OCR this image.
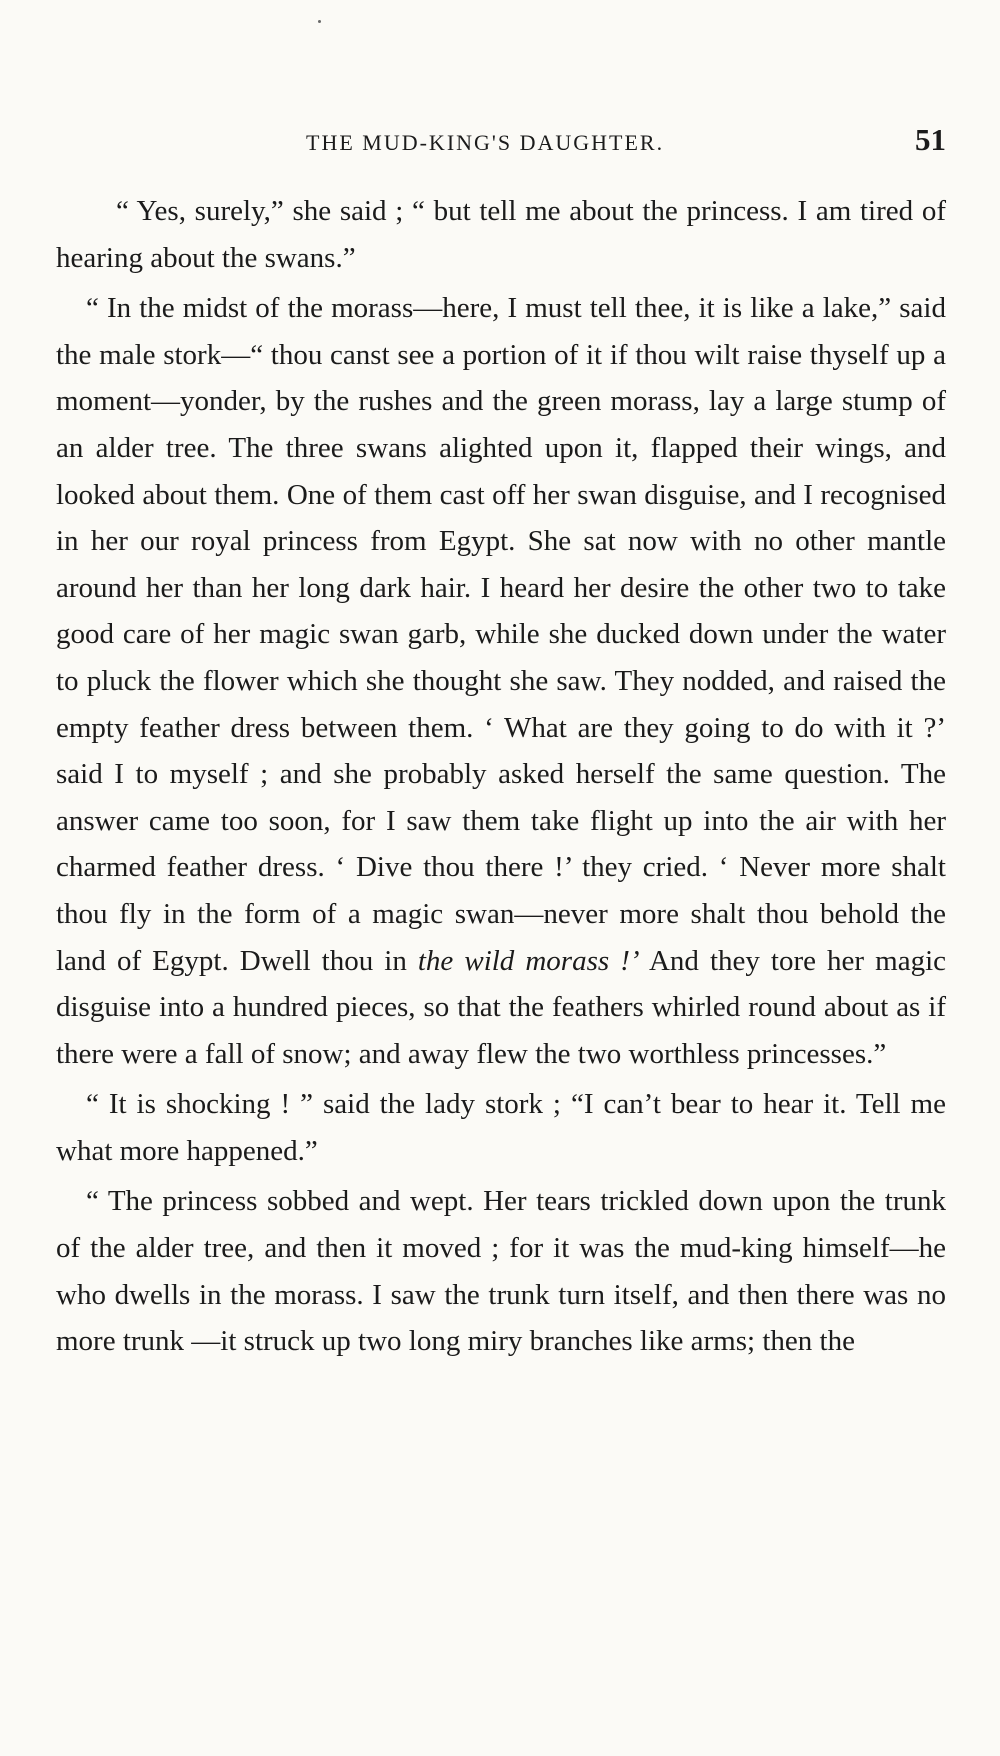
THE MUD-KING'S DAUGHTER.	51

“ Yes, surely,” she said ; “ but tell me about the princess. I am tired of hearing about the swans.”

“ In the midst of the morass—here, I must tell thee, it is like a lake,” said the male stork—“ thou canst see a portion of it if thou wilt raise thyself up a moment—yonder, by the rushes and the green morass, lay a large stump of an alder tree. The three swans alighted upon it, flapped their wings, and looked about them. One of them cast off her swan disguise, and I recognised in her our royal princess from Egypt. She sat now with no other mantle around her than her long dark hair. I heard her desire the other two to take good care of her magic swan garb, while she ducked down under the water to pluck the flower which she thought she saw. They nodded, and raised the empty feather dress between them. ‘ What are they going to do with it ?’ said I to myself ; and she probably asked herself the same question. The answer came too soon, for I saw them take flight up into the air with her charmed feather dress. ‘ Dive thou there !’ they cried. ‘ Never more shalt thou fly in the form of a magic swan—never more shalt thou behold the land of Egypt. Dwell thou in the wild morass !’ And they tore her magic disguise into a hundred pieces, so that the feathers whirled round about as if there were a fall of snow; and away flew the two worthless princesses.”

“ It is shocking ! ” said the lady stork ; “I can’t bear to hear it. Tell me what more happened.”

“ The princess sobbed and wept. Her tears trickled down upon the trunk of the alder tree, and then it moved ; for it was the mud-king himself—he who dwells in the morass. I saw the trunk turn itself, and then there was no more trunk —it struck up two long miry branches like arms; then the
